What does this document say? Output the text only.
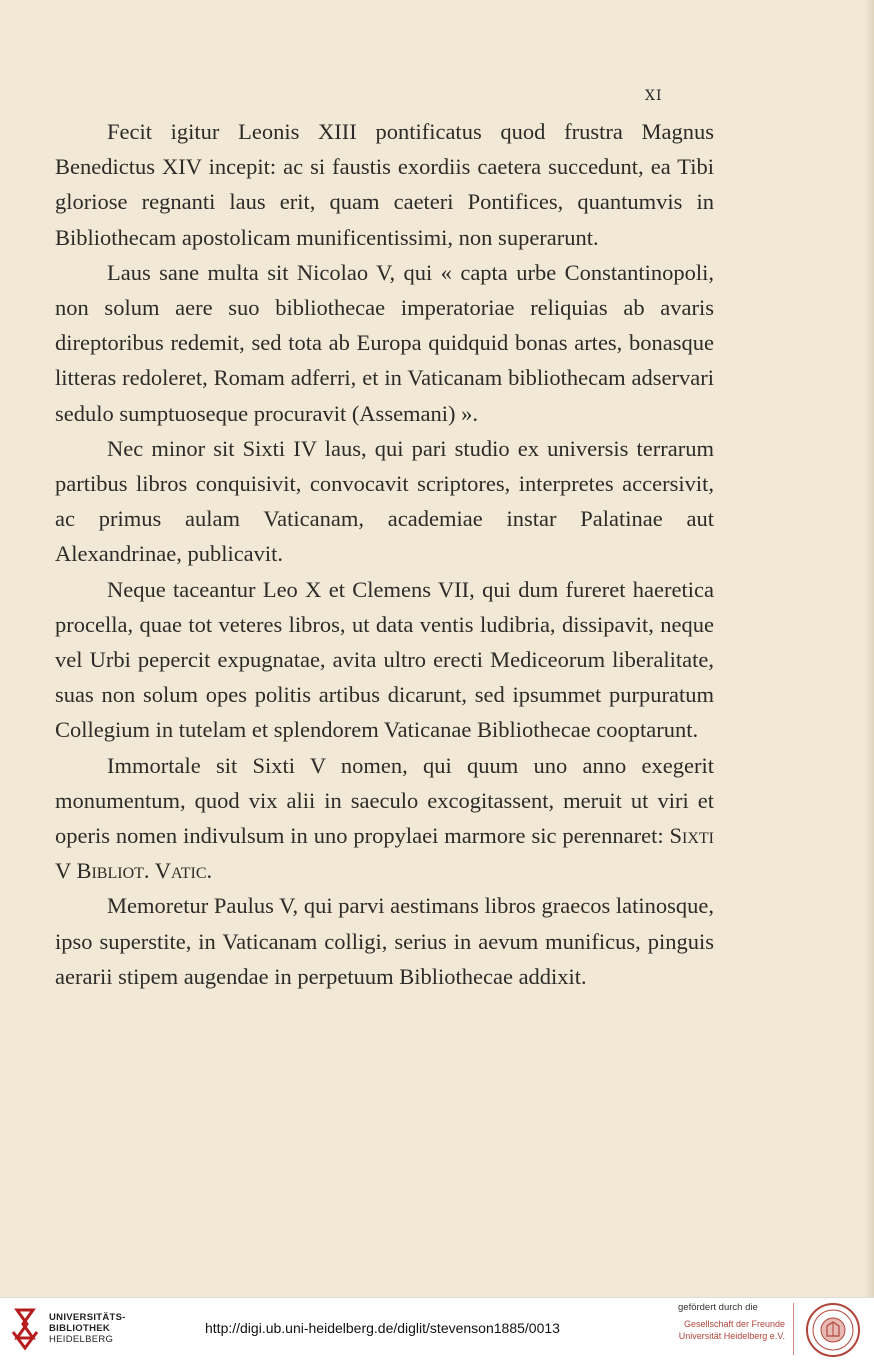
XI

Fecit igitur Leonis XIII pontificatus quod frustra Magnus Benedictus XIV incepit: ac si faustis exordiis caetera succedunt, ea Tibi gloriose regnanti laus erit, quam caeteri Pontifices, quantumvis in Bibliothecam apostolicam munificentissimi, non superarunt.

Laus sane multa sit Nicolao V, qui « capta urbe Constantinopoli, non solum aere suo bibliothecae imperatoriae reliquias ab avaris direptoribus redemit, sed tota ab Europa quidquid bonas artes, bonasque litteras redoleret, Romam adferri, et in Vaticanam bibliothecam adservari sedulo sumptuoseque procuravit (Assemani) ».

Nec minor sit Sixti IV laus, qui pari studio ex universis terrarum partibus libros conquisivit, convocavit scriptores, interpretes accersivit, ac primus aulam Vaticanam, academiae instar Palatinae aut Alexandrinae, publicavit.

Neque taceantur Leo X et Clemens VII, qui dum fureret haeretica procella, quae tot veteres libros, ut data ventis ludibria, dissipavit, neque vel Urbi pepercit expugnatae, avita ultro erecti Mediceorum liberalitate, suas non solum opes politis artibus dicarunt, sed ipsummet purpuratum Collegium in tutelam et splendorem Vaticanae Bibliothecae cooptarunt.

Immortale sit Sixti V nomen, qui quum uno anno exegerit monumentum, quod vix alii in saeculo excogitassent, meruit ut viri et operis nomen indivulsum in uno propylaei marmore sic perennaret: Sixti V Bibliot. Vatic.

Memoretur Paulus V, qui parvi aestimans libros graecos latinosque, ipso superstite, in Vaticanam colligi, serius in aevum munificus, pinguis aerarii stipem augendae in perpetuum Bibliothecae addixit.

UNIVERSITÄTS-
BIBLIOTHEK
HEIDELBERG
http://digi.ub.uni-heidelberg.de/diglit/stevenson1885/0013
gefördert durch die
Gesellschaft der Freunde
Universität Heidelberg e.V.
